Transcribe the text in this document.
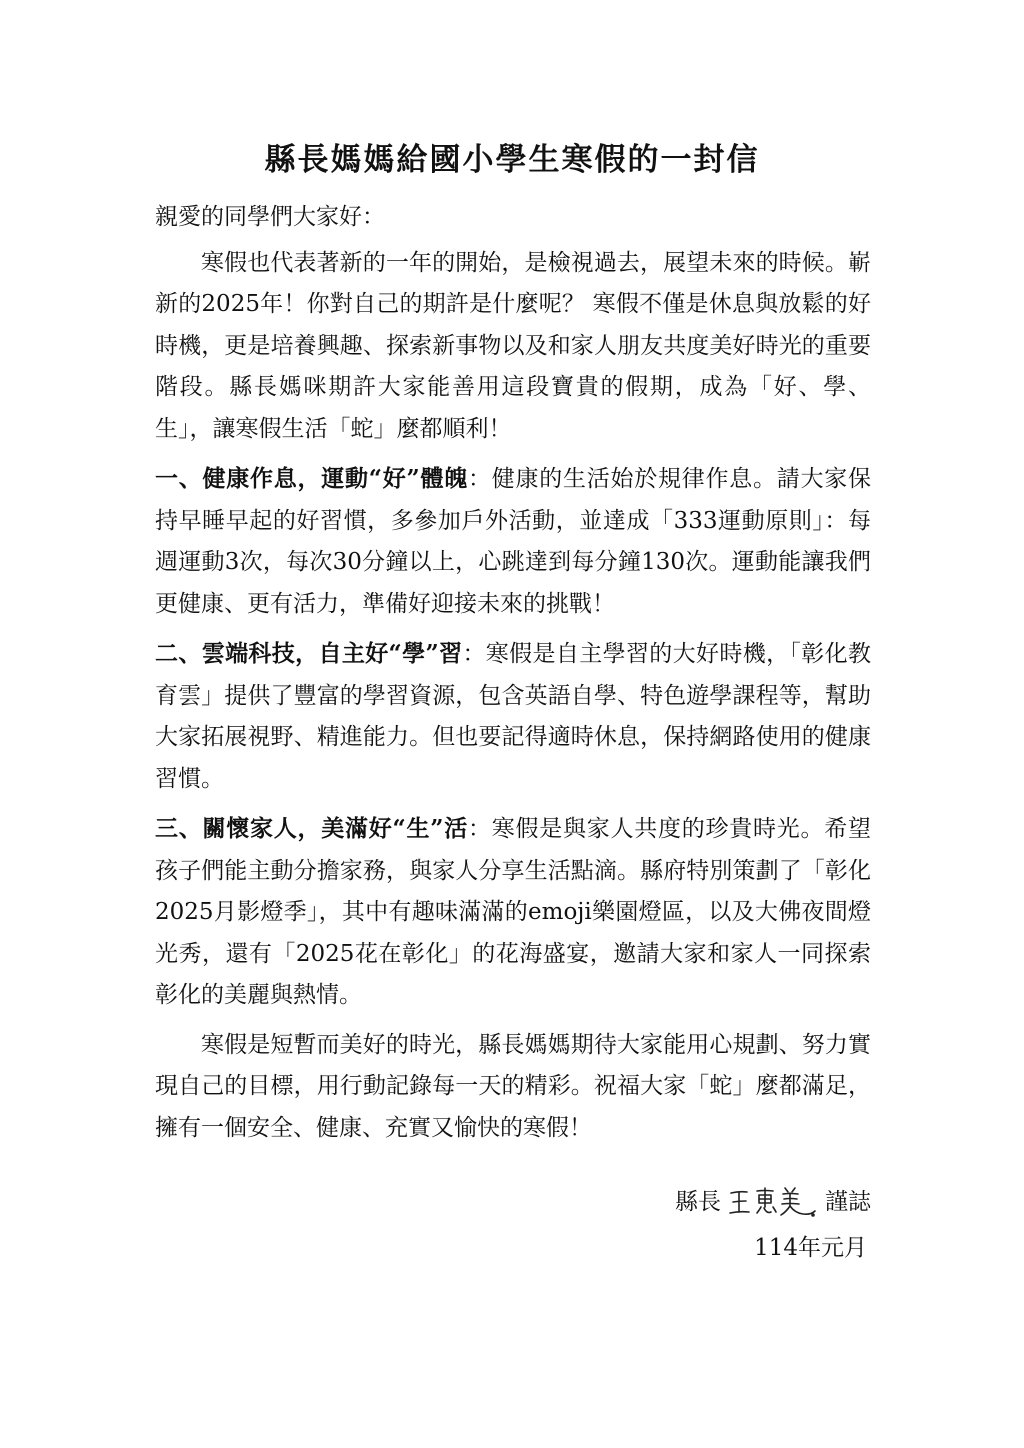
縣長媽媽給國小學生寒假的一封信

親愛的同學們大家好：

寒假也代表著新的一年的開始，是檢視過去，展望未來的時候。嶄新的2025年！你對自己的期許是什麼呢？ 寒假不僅是休息與放鬆的好時機，更是培養興趣、探索新事物以及和家人朋友共度美好時光的重要階段。縣長媽咪期許大家能善用這段寶貴的假期，成為「好、學、生」，讓寒假生活「蛇」麼都順利！

一、健康作息，運動“好”體魄：健康的生活始於規律作息。請大家保持早睡早起的好習慣，多參加戶外活動，並達成「333運動原則」：每週運動3次，每次30分鐘以上，心跳達到每分鐘130次。運動能讓我們更健康、更有活力，準備好迎接未來的挑戰！

二、雲端科技，自主好“學”習：寒假是自主學習的大好時機，「彰化教育雲」提供了豐富的學習資源，包含英語自學、特色遊學課程等，幫助大家拓展視野、精進能力。但也要記得適時休息，保持網路使用的健康習慣。

三、關懷家人，美滿好“生”活：寒假是與家人共度的珍貴時光。希望孩子們能主動分擔家務，與家人分享生活點滴。縣府特別策劃了「彰化2025月影燈季」，其中有趣味滿滿的emoji樂園燈區，以及大佛夜間燈光秀，還有「2025花在彰化」的花海盛宴，邀請大家和家人一同探索彰化的美麗與熱情。

寒假是短暫而美好的時光，縣長媽媽期待大家能用心規劃、努力實現自己的目標，用行動記錄每一天的精彩。祝福大家「蛇」麼都滿足，擁有一個安全、健康、充實又愉快的寒假！

縣長	謹誌
114年元月
